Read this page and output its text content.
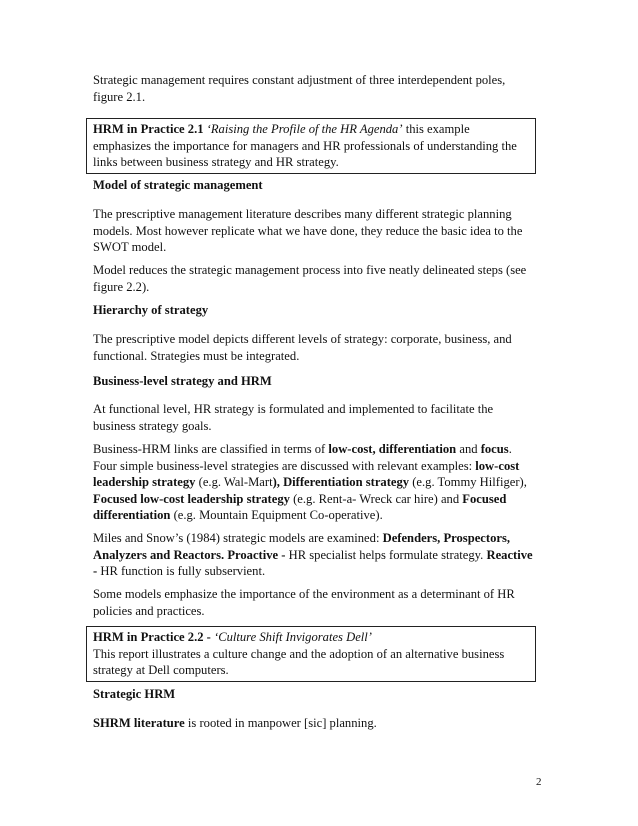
Strategic management requires constant adjustment of three interdependent poles, figure 2.1.

HRM in Practice 2.1 ‘Raising the Profile of the HR Agenda’ this example emphasizes the importance for managers and HR professionals of understanding the links between business strategy and HR strategy.

Model of strategic management

The prescriptive management literature describes many different strategic planning models. Most however replicate what we have done, they reduce the basic idea to the SWOT model.

Model reduces the strategic management process into five neatly delineated steps (see figure 2.2).

Hierarchy of strategy

The prescriptive model depicts different levels of strategy: corporate, business, and functional. Strategies must be integrated.

Business-level strategy and HRM

At functional level, HR strategy is formulated and implemented to facilitate the business strategy goals.

Business-HRM links are classified in terms of low-cost, differentiation and focus. Four simple business-level strategies are discussed with relevant examples: low-cost leadership strategy (e.g. Wal-Mart), Differentiation strategy (e.g. Tommy Hilfiger), Focused low-cost leadership strategy (e.g. Rent-a- Wreck car hire) and Focused differentiation (e.g. Mountain Equipment Co-operative).

Miles and Snow’s (1984) strategic models are examined: Defenders, Prospectors, Analyzers and Reactors. Proactive - HR specialist helps formulate strategy. Reactive - HR function is fully subservient.

Some models emphasize the importance of the environment as a determinant of HR policies and practices.

HRM in Practice 2.2 - ‘Culture Shift Invigorates Dell’
This report illustrates a culture change and the adoption of an alternative business strategy at Dell computers.

Strategic HRM

SHRM literature is rooted in manpower [sic] planning.

2
